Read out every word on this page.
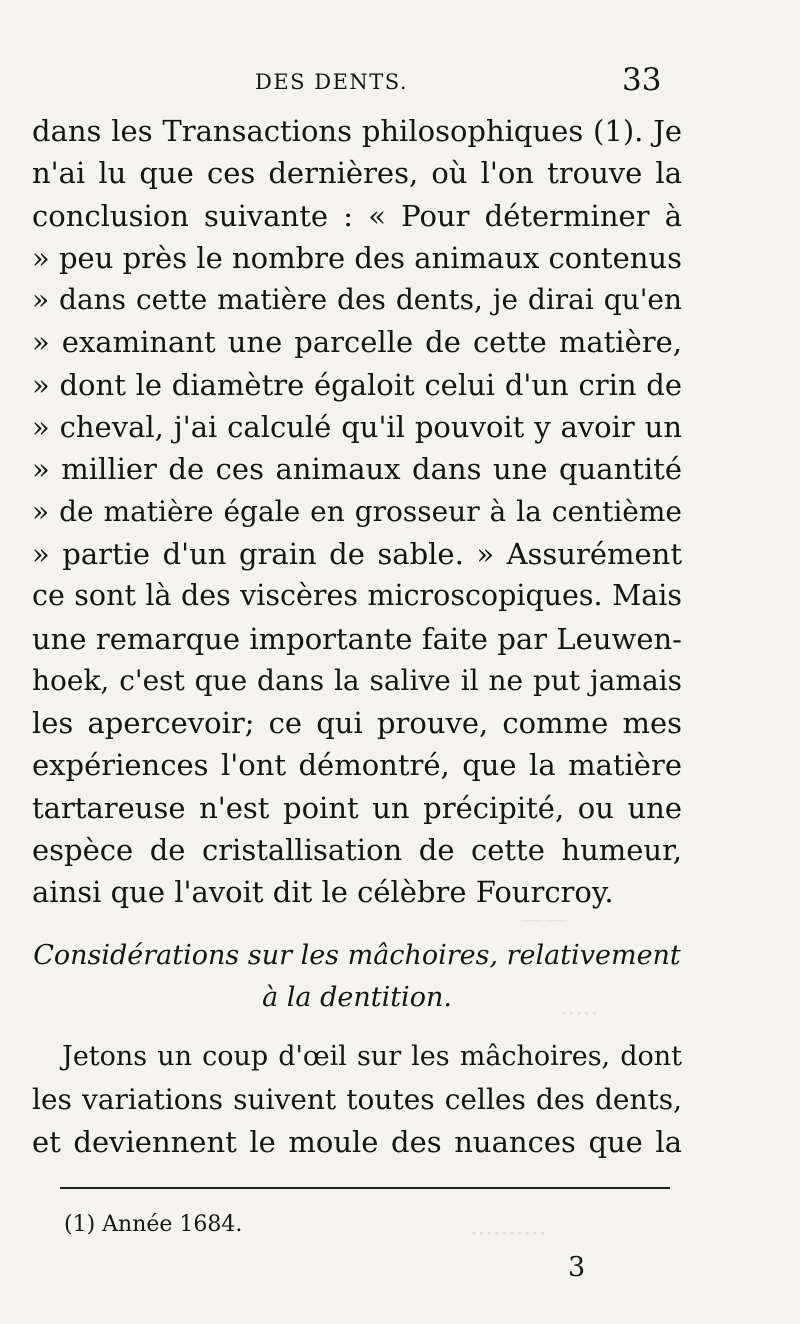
DES DENTS.	33
——
·····
··········
dans les Transactions philosophiques (1). Je
n'ai lu que ces dernières, où l'on trouve la
conclusion suivante : « Pour déterminer à
» peu près le nombre des animaux contenus
» dans cette matière des dents, je dirai qu'en
» examinant une parcelle de cette matière,
» dont le diamètre égaloit celui d'un crin de
» cheval, j'ai calculé qu'il pouvoit y avoir un
» millier de ces animaux dans une quantité
» de matière égale en grosseur à la centième
» partie d'un grain de sable. » Assurément
ce sont là des viscères microscopiques. Mais
une remarque importante faite par Leuwen-
hoek, c'est que dans la salive il ne put jamais
les apercevoir; ce qui prouve, comme mes
expériences l'ont démontré, que la matière
tartareuse n'est point un précipité, ou une
espèce de cristallisation de cette humeur,
ainsi que l'avoit dit le célèbre Fourcroy.
Considérations sur les mâchoires, relativement
à la dentition.
Jetons un coup d'œil sur les mâchoires, dont
les variations suivent toutes celles des dents,
et deviennent le moule des nuances que la
(1) Année 1684.
3
